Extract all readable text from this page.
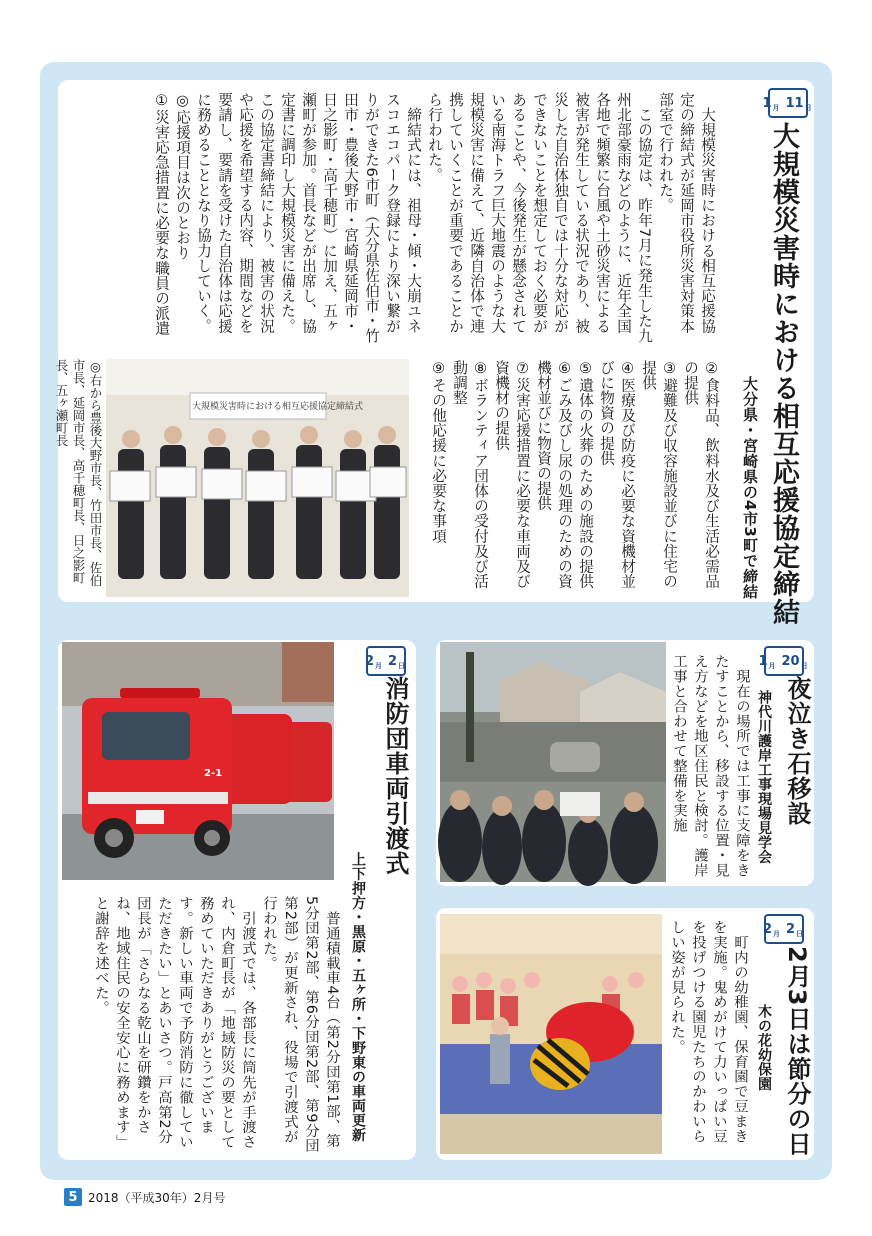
1 月 11 日
大規模災害時における相互応援協定締結
大分県・宮崎県の4市3町で締結
　大規模災害時における相互応援協定の締結式が延岡市役所災害対策本部室で行われた。
　この協定は、昨年7月に発生した九州北部豪雨などのように、近年全国各地で頻繁に台風や土砂災害による被害が発生している状況であり、被災した自治体独自では十分な対応ができないことを想定しておく必要があることや、今後発生が懸念されている南海トラフ巨大地震のような大規模災害に備えて、近隣自治体で連携していくことが重要であることから行われた。
　締結式には、祖母・傾・大崩ユネスコエコパーク登録により深い繋がりができた6市町（大分県佐伯市・竹田市・豊後大野市・宮崎県延岡市・日之影町・高千穂町）に加え、五ヶ瀬町が参加。首長などが出席し、協定書に調印し大規模災害に備えた。この協定書締結により、被害の状況や応援を希望する内容、期間などを要請し、要請を受けた自治体は応援に務めることとなり協力していく。
◎応援項目は次のとおり
①災害応急措置に必要な職員の派遣
②食料品、飲料水及び生活必需品の提供
③避難及び収容施設並びに住宅の提供
④医療及び防疫に必要な資機材並びに物資の提供
⑤遺体の火葬のための施設の提供
⑥ごみ及びし尿の処理のための資機材並びに物資の提供
⑦災害応援措置に必要な車両及び資機材の提供
⑧ボランティア団体の受付及び活動調整
⑨その他応援に必要な事項
大規模災害時における相互応援協定締結式
◎右から豊後大野市長、竹田市長、佐伯市長、延岡市長、高千穂町長、日之影町長、五ヶ瀬町長
2 月 2 日
消防団車両引渡式
上下押方・黒原・五ヶ所・下野東の車両更新
2-1
　普通積載車4台（第2分団第1部、第5分団第2部、第6分団第2部、第9分団第2部）が更新され、役場で引渡式が行われた。
　引渡式では、各部長に筒先が手渡され、内倉町長が「地域防災の要として務めていただきありがとうございます。新しい車両で予防消防に徹していただきたい」とあいさつ。戸高第2分団長が「さらなる乾山を研鑽をかさね、地域住民の安全安心に務めます」と謝辞を述べた。
1 月 20 日
夜泣き石移設
神代川護岸工事現場見学会
　現在の場所では工事に支障をきたすことから、移設する位置・見え方などを地区住民と検討。護岸工事と合わせて整備を実施
2 月 2 日
2月3日は節分の日
木の花幼保園
　町内の幼稚園、保育園で豆まきを実施。鬼めがけて力いっぱい豆を投げつける園児たちのかわいらしい姿が見られた。
5 2018（平成30年）2月号
